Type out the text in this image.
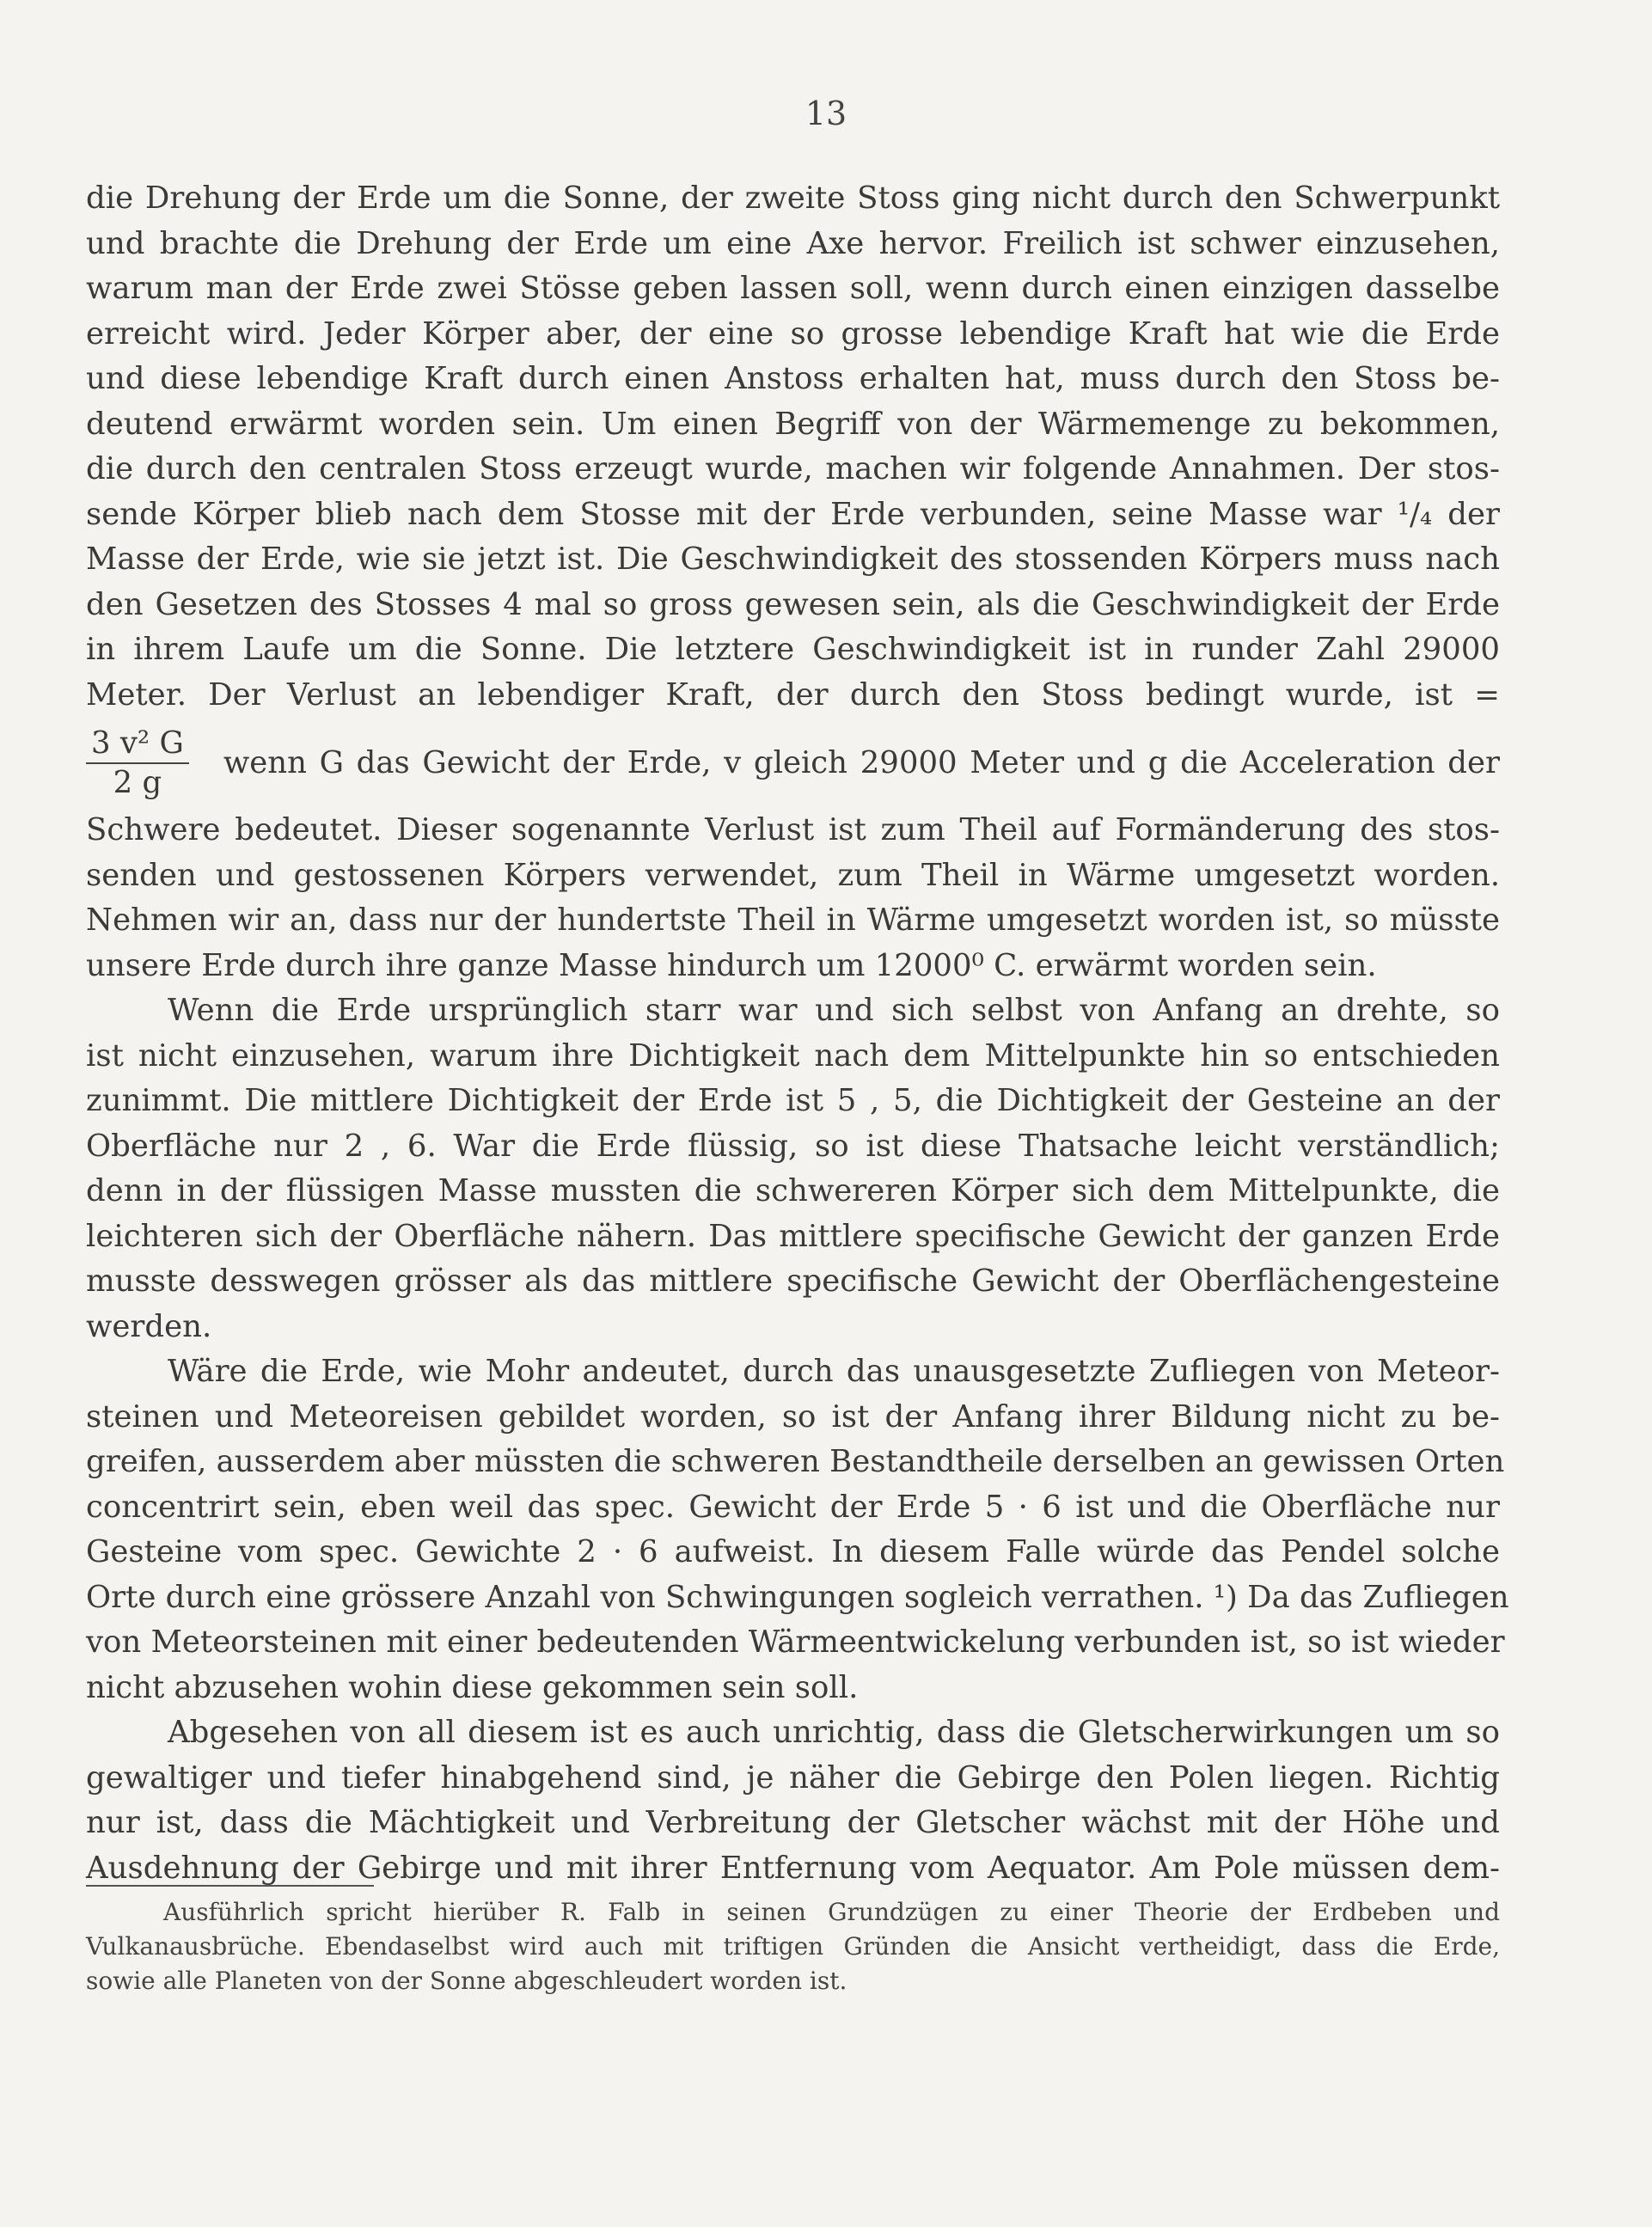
13
die Drehung der Erde um die Sonne, der zweite Stoss ging nicht durch den Schwerpunkt
und brachte die Drehung der Erde um eine Axe hervor. Freilich ist schwer einzusehen,
warum man der Erde zwei Stösse geben lassen soll, wenn durch einen einzigen dasselbe
erreicht wird. Jeder Körper aber, der eine so grosse lebendige Kraft hat wie die Erde
und diese lebendige Kraft durch einen Anstoss erhalten hat, muss durch den Stoss be-
deutend erwärmt worden sein. Um einen Begriff von der Wärmemenge zu bekommen,
die durch den centralen Stoss erzeugt wurde, machen wir folgende Annahmen. Der stos-
sende Körper blieb nach dem Stosse mit der Erde verbunden, seine Masse war ¹/₄ der
Masse der Erde, wie sie jetzt ist. Die Geschwindigkeit des stossenden Körpers muss nach
den Gesetzen des Stosses 4 mal so gross gewesen sein, als die Geschwindigkeit der Erde
in ihrem Laufe um die Sonne. Die letztere Geschwindigkeit ist in runder Zahl 29000
Meter. Der Verlust an lebendiger Kraft, der durch den Stoss bedingt wurde, ist =
$\frac{\text{3 v² G}}{2 g}$ wenn G das Gewicht der Erde, v gleich 29000 Meter und g die Acceleration der
Schwere bedeutet. Dieser sogenannte Verlust ist zum Theil auf Formänderung des stos-
senden und gestossenen Körpers verwendet, zum Theil in Wärme umgesetzt worden.
Nehmen wir an, dass nur der hundertste Theil in Wärme umgesetzt worden ist, so müsste
unsere Erde durch ihre ganze Masse hindurch um 12000⁰ C. erwärmt worden sein.
Wenn die Erde ursprünglich starr war und sich selbst von Anfang an drehte, so
ist nicht einzusehen, warum ihre Dichtigkeit nach dem Mittelpunkte hin so entschieden
zunimmt. Die mittlere Dichtigkeit der Erde ist 5 , 5, die Dichtigkeit der Gesteine an der
Oberfläche nur 2 , 6. War die Erde flüssig, so ist diese Thatsache leicht verständlich;
denn in der flüssigen Masse mussten die schwereren Körper sich dem Mittelpunkte, die
leichteren sich der Oberfläche nähern. Das mittlere specifische Gewicht der ganzen Erde
musste desswegen grösser als das mittlere specifische Gewicht der Oberflächengesteine
werden.
Wäre die Erde, wie Mohr andeutet, durch das unausgesetzte Zufliegen von Meteor-
steinen und Meteoreisen gebildet worden, so ist der Anfang ihrer Bildung nicht zu be-
greifen, ausserdem aber müssten die schweren Bestandtheile derselben an gewissen Orten
concentrirt sein, eben weil das spec. Gewicht der Erde 5 · 6 ist und die Oberfläche nur
Gesteine vom spec. Gewichte 2 · 6 aufweist. In diesem Falle würde das Pendel solche
Orte durch eine grössere Anzahl von Schwingungen sogleich verrathen. ¹) Da das Zufliegen
von Meteorsteinen mit einer bedeutenden Wärmeentwickelung verbunden ist, so ist wieder
nicht abzusehen wohin diese gekommen sein soll.
Abgesehen von all diesem ist es auch unrichtig, dass die Gletscherwirkungen um so
gewaltiger und tiefer hinabgehend sind, je näher die Gebirge den Polen liegen. Richtig
nur ist, dass die Mächtigkeit und Verbreitung der Gletscher wächst mit der Höhe und
Ausdehnung der Gebirge und mit ihrer Entfernung vom Aequator. Am Pole müssen dem-
Ausführlich spricht hierüber R. Falb in seinen Grundzügen zu einer Theorie der Erdbeben und
Vulkanausbrüche. Ebendaselbst wird auch mit triftigen Gründen die Ansicht vertheidigt, dass die Erde,
sowie alle Planeten von der Sonne abgeschleudert worden ist.
